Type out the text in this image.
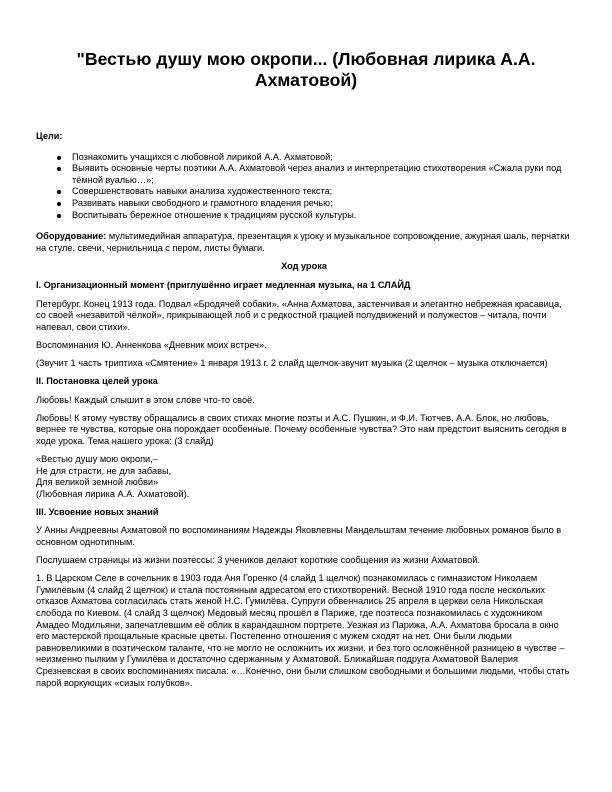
"Вестью душу мою окропи... (Любовная лирика А.А. Ахматовой)

Цели:

Познакомить учащихся с любовной лирикой А.А. Ахматовой;
Выявить основные черты поэтики А.А. Ахматовой через анализ и интерпретацию стихотворения «Сжала руки под тёмной вуалью…»;
Совершенствовать навыки анализа художественного текста;
Развивать навыки свободного и грамотного владения речью;
Воспитывать бережное отношение к традициям русской культуры.

Оборудование: мультимедийная аппаратура, презентация к уроку и музыкальное сопровождение, ажурная шаль, перчатки на стуле, свечи, чернильница с пером, листы бумаги.

Ход урока

I. Организационный момент (приглушённо играет медленная музыка, на 1 СЛАЙД

Петербург. Конец 1913 года. Подвал «Бродячей собаки». «Анна Ахматова, застенчивая и элегантно небрежная красавица, со своей «незавитой чёлкой», прикрывающей лоб и с редкостной грацией полудвижений и полужестов – читала, почти напевал, свои стихи».

Воспоминания Ю. Анненкова «Дневник моих встреч».

(Звучит 1 часть триптиха «Смятение» 1 января 1913 г. 2 слайд щелчок-звучит музыка (2 щелчок – музыка отключается)

II. Постановка целей урока

Любовь! Каждый слышит в этом слове что-то своё.

Любовь! К этому чувству обращались в своих стихах многие поэты и А.С. Пушкин, и Ф.И. Тютчев, А.А. Блок, но любовь, вернее те чувства, которые она порождает особенные. Почему особенные чувства? Это нам предстоит выяснить сегодня в ходе урока. Тема нашего урока: (3 слайд)

«Вестью душу мою окропи,–
Не для страсти, не для забавы,
Для великой земной любви»
(Любовная лирика А.А. Ахматовой).

III. Усвоение новых знаний

У Анны Андреевны Ахматовой по воспоминаниям Надежды Яковлевны Мандельштам течение любовных романов было в основном однотипным.

Послушаем страницы из жизни поэтессы: 3 учеников делают короткие сообщения из жизни Ахматовой.

1. В Царском Селе в сочельник в 1903 года Аня Горенко (4 слайд 1 щелчок) познакомилась с гимназистом Николаем Гумилёвым (4 слайд 2 щелчок) и стала постоянным адресатом его стихотворений. Весной 1910 года после нескольких отказов Ахматова согласилась стать женой Н.С. Гумилёва. Супруги обвенчались 25 апреля в церкви села Никольская слобода по Киевом. (4 слайд 3 щелчок) Медовый месяц прошёл в Париже, где поэтесса познакомилась с художником Амадео Модильяни, запечатлевшим её облик в карандашном портрете. Уезжая из Парижа, А.А. Ахматова бросала в окно его мастерской прощальные красные цветы. Постепенно отношения с мужем сходят на нет. Они были людьми равновеликими в поэтическом таланте, что не могло не осложнить их жизни, и без того осложнённой разницею в чувстве – неизменно пылким у Гумилёва и достаточно сдержанным у Ахматовой. Ближайшая подруга Ахматовой Валерия Срезневская в своих воспоминаниях писала: «…Конечно, они были слишком свободными и большими людьми, чтобы стать парой воркующих «сизых голубков».
